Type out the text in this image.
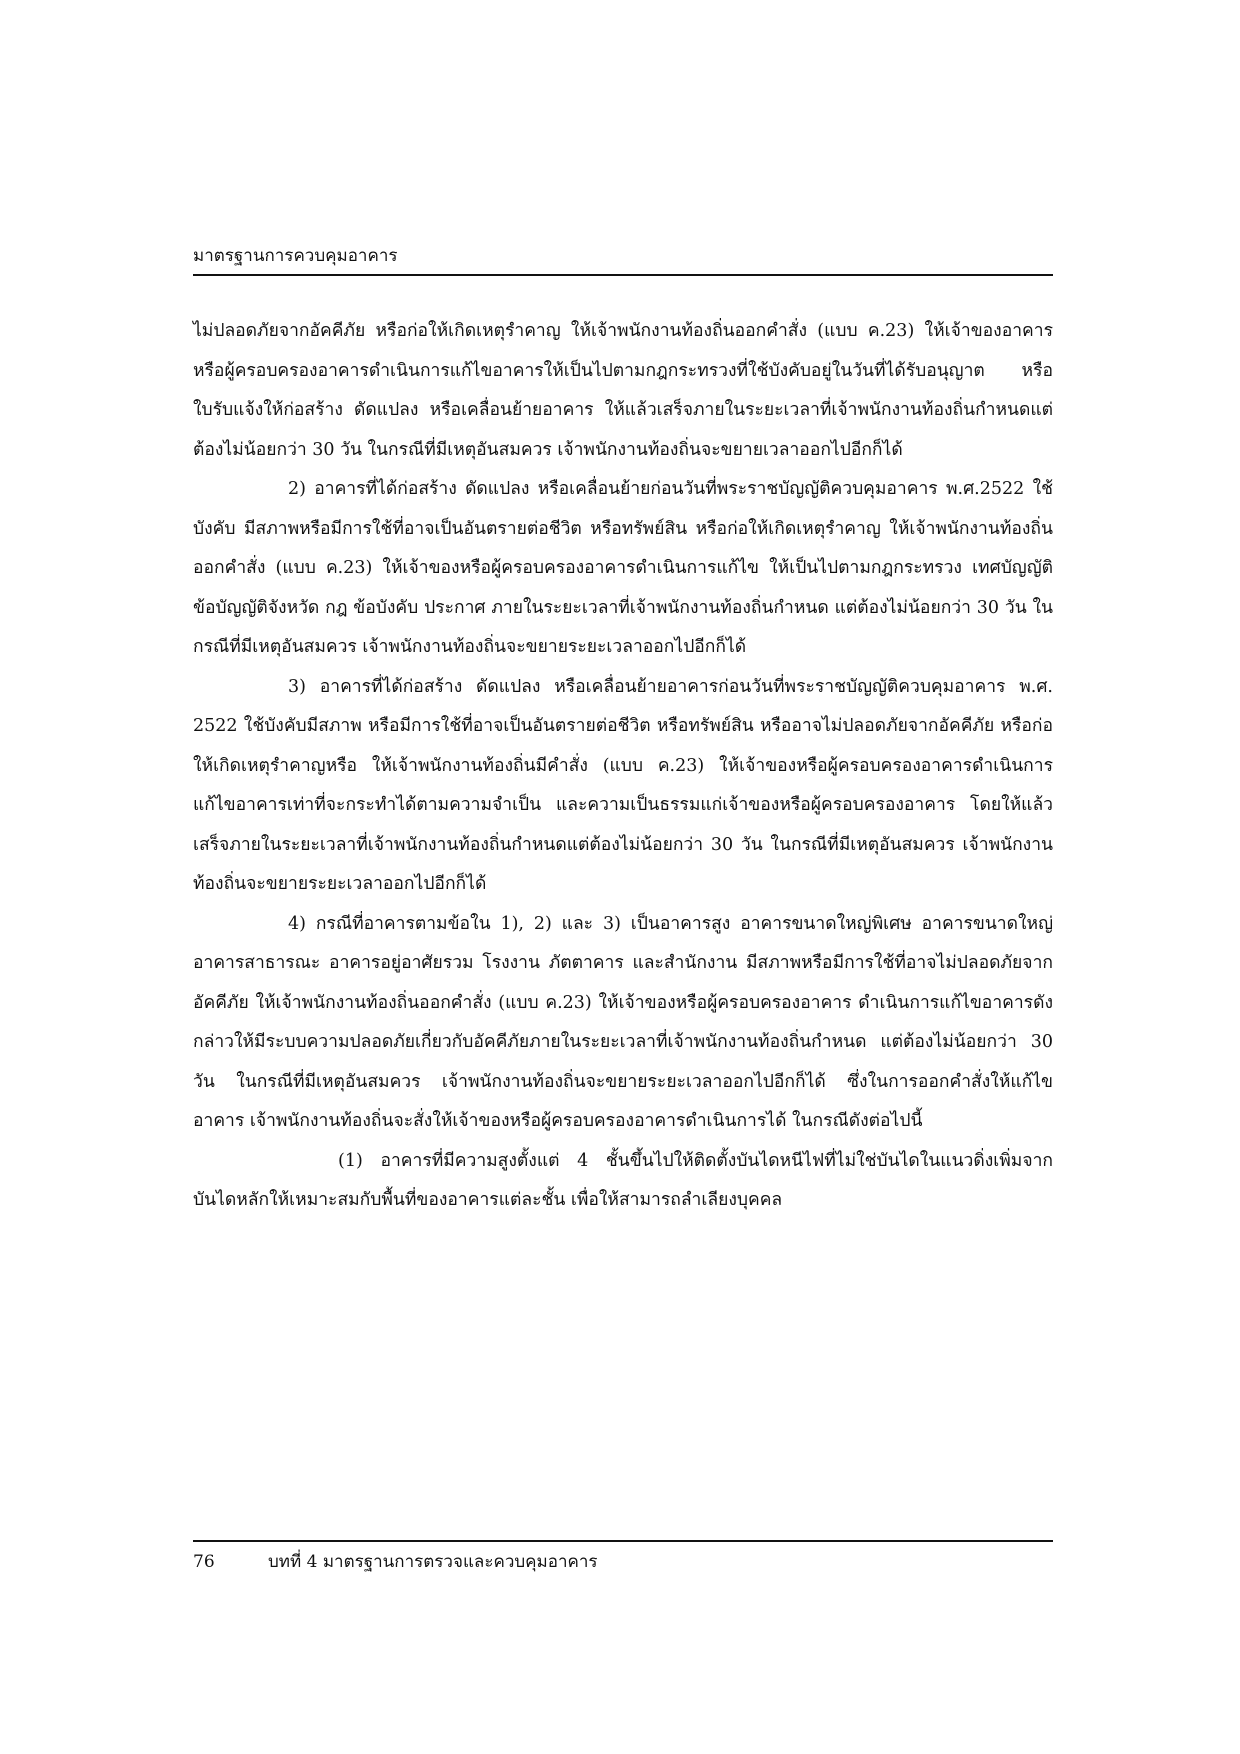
มาตรฐานการควบคุมอาคาร

ไม่ปลอดภัยจากอัคคีภัย หรือก่อให้เกิดเหตุรำคาญ ให้เจ้าพนักงานท้องถิ่นออกคำสั่ง (แบบ ค.23) ให้เจ้าของอาคาร หรือผู้ครอบครองอาคารดำเนินการแก้ไขอาคารให้เป็นไปตามกฎกระทรวงที่ใช้บังคับอยู่ในวันที่ได้รับอนุญาต หรือใบรับแจ้งให้ก่อสร้าง ดัดแปลง หรือเคลื่อนย้ายอาคาร ให้แล้วเสร็จภายในระยะเวลาที่เจ้าพนักงานท้องถิ่นกำหนดแต่ต้องไม่น้อยกว่า 30 วัน ในกรณีที่มีเหตุอันสมควร เจ้าพนักงานท้องถิ่นจะขยายเวลาออกไปอีกก็ได้

2) อาคารที่ได้ก่อสร้าง ดัดแปลง หรือเคลื่อนย้ายก่อนวันที่พระราชบัญญัติควบคุมอาคาร พ.ศ.2522 ใช้บังคับ มีสภาพหรือมีการใช้ที่อาจเป็นอันตรายต่อชีวิต หรือทรัพย์สิน หรือก่อให้เกิดเหตุรำคาญ ให้เจ้าพนักงานท้องถิ่นออกคำสั่ง (แบบ ค.23) ให้เจ้าของหรือผู้ครอบครองอาคารดำเนินการแก้ไข ให้เป็นไปตามกฎกระทรวง เทศบัญญัติ ข้อบัญญัติจังหวัด กฎ ข้อบังคับ ประกาศ ภายในระยะเวลาที่เจ้าพนักงานท้องถิ่นกำหนด แต่ต้องไม่น้อยกว่า 30 วัน ในกรณีที่มีเหตุอันสมควร เจ้าพนักงานท้องถิ่นจะขยายระยะเวลาออกไปอีกก็ได้

3) อาคารที่ได้ก่อสร้าง ดัดแปลง หรือเคลื่อนย้ายอาคารก่อนวันที่พระราชบัญญัติควบคุมอาคาร พ.ศ. 2522 ใช้บังคับมีสภาพ หรือมีการใช้ที่อาจเป็นอันตรายต่อชีวิต หรือทรัพย์สิน หรืออาจไม่ปลอดภัยจากอัคคีภัย หรือก่อให้เกิดเหตุรำคาญหรือ ให้เจ้าพนักงานท้องถิ่นมีคำสั่ง (แบบ ค.23) ให้เจ้าของหรือผู้ครอบครองอาคารดำเนินการแก้ไขอาคารเท่าที่จะกระทำได้ตามความจำเป็น และความเป็นธรรมแก่เจ้าของหรือผู้ครอบครองอาคาร โดยให้แล้วเสร็จภายในระยะเวลาที่เจ้าพนักงานท้องถิ่นกำหนดแต่ต้องไม่น้อยกว่า 30 วัน ในกรณีที่มีเหตุอันสมควร เจ้าพนักงานท้องถิ่นจะขยายระยะเวลาออกไปอีกก็ได้

4) กรณีที่อาคารตามข้อใน 1), 2) และ 3) เป็นอาคารสูง อาคารขนาดใหญ่พิเศษ อาคารขนาดใหญ่ อาคารสาธารณะ อาคารอยู่อาศัยรวม โรงงาน ภัตตาคาร และสำนักงาน มีสภาพหรือมีการใช้ที่อาจไม่ปลอดภัยจากอัคคีภัย ให้เจ้าพนักงานท้องถิ่นออกคำสั่ง (แบบ ค.23) ให้เจ้าของหรือผู้ครอบครองอาคาร ดำเนินการแก้ไขอาคารดังกล่าวให้มีระบบความปลอดภัยเกี่ยวกับอัคคีภัยภายในระยะเวลาที่เจ้าพนักงานท้องถิ่นกำหนด แต่ต้องไม่น้อยกว่า 30 วัน ในกรณีที่มีเหตุอันสมควร เจ้าพนักงานท้องถิ่นจะขยายระยะเวลาออกไปอีกก็ได้ ซึ่งในการออกคำสั่งให้แก้ไขอาคาร เจ้าพนักงานท้องถิ่นจะสั่งให้เจ้าของหรือผู้ครอบครองอาคารดำเนินการได้ ในกรณีดังต่อไปนี้

(1) อาคารที่มีความสูงตั้งแต่ 4 ชั้นขึ้นไปให้ติดตั้งบันไดหนีไฟที่ไม่ใช่บันไดในแนวดิ่งเพิ่มจากบันไดหลักให้เหมาะสมกับพื้นที่ของอาคารแต่ละชั้น เพื่อให้สามารถลำเลียงบุคคล

76	บทที่ 4 มาตรฐานการตรวจและควบคุมอาคาร
